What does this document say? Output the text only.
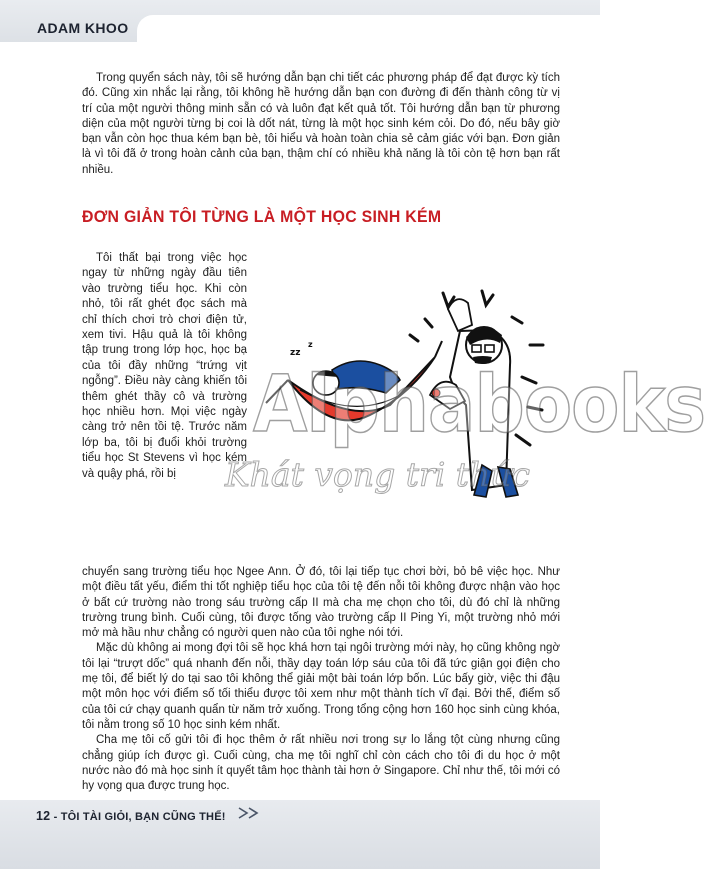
ADAM KHOO

Trong quyển sách này, tôi sẽ hướng dẫn bạn chi tiết các phương pháp để đạt được kỳ tích đó. Cũng xin nhắc lại rằng, tôi không hề hướng dẫn bạn con đường đi đến thành công từ vị trí của một người thông minh sẵn có và luôn đạt kết quả tốt. Tôi hướng dẫn bạn từ phương diện của một người từng bị coi là dốt nát, từng là một học sinh kém cỏi. Do đó, nếu bây giờ bạn vẫn còn học thua kém bạn bè, tôi hiểu và hoàn toàn chia sẻ cảm giác với bạn. Đơn giản là vì tôi đã ở trong hoàn cảnh của bạn, thậm chí có nhiều khả năng là tôi còn tệ hơn bạn rất nhiều.

ĐƠN GIẢN TÔI TỪNG LÀ MỘT HỌC SINH KÉM

Tôi thất bại trong việc học ngay từ những ngày đầu tiên vào trường tiểu học. Khi còn nhỏ, tôi rất ghét đọc sách mà chỉ thích chơi trò chơi điện tử, xem tivi. Hậu quả là tôi không tập trung trong lớp học, học bạ của tôi đầy những “trứng vịt ngỗng”. Điều này càng khiến tôi thêm ghét thầy cô và trường học nhiều hơn. Mọi việc ngày càng trở nên tồi tệ. Trước năm lớp ba, tôi bị đuổi khỏi trường tiểu học St Stevens vì học kém và quậy phá, rồi bị

zz
z
Alphabooks
Khát vọng tri thức

chuyển sang trường tiểu học Ngee Ann. Ở đó, tôi lại tiếp tục chơi bời, bỏ bê việc học. Như một điều tất yếu, điểm thi tốt nghiệp tiểu học của tôi tệ đến nỗi tôi không được nhận vào học ở bất cứ trường nào trong sáu trường cấp II mà cha mẹ chọn cho tôi, dù đó chỉ là những trường trung bình. Cuối cùng, tôi được tống vào trường cấp II Ping Yi, một trường nhỏ mới mở mà hầu như chẳng có người quen nào của tôi nghe nói tới.

Mặc dù không ai mong đợi tôi sẽ học khá hơn tại ngôi trường mới này, họ cũng không ngờ tôi lại “trượt dốc” quá nhanh đến nỗi, thầy dạy toán lớp sáu của tôi đã tức giận gọi điện cho mẹ tôi, để biết lý do tại sao tôi không thể giải một bài toán lớp bốn. Lúc bấy giờ, việc thi đậu một môn học với điểm số tối thiểu được tôi xem như một thành tích vĩ đại. Bởi thế, điểm số của tôi cứ chạy quanh quẩn từ năm trở xuống. Trong tổng cộng hơn 160 học sinh cùng khóa, tôi nằm trong số 10 học sinh kém nhất.

Cha mẹ tôi cố gửi tôi đi học thêm ở rất nhiều nơi trong sự lo lắng tột cùng nhưng cũng chẳng giúp ích được gì. Cuối cùng, cha mẹ tôi nghĩ chỉ còn cách cho tôi đi du học ở một nước nào đó mà học sinh ít quyết tâm học thành tài hơn ở Singapore. Chỉ như thế, tôi mới có hy vọng qua được trung học.

12 - TÔI TÀI GIỎI, BẠN CŨNG THẾ!
